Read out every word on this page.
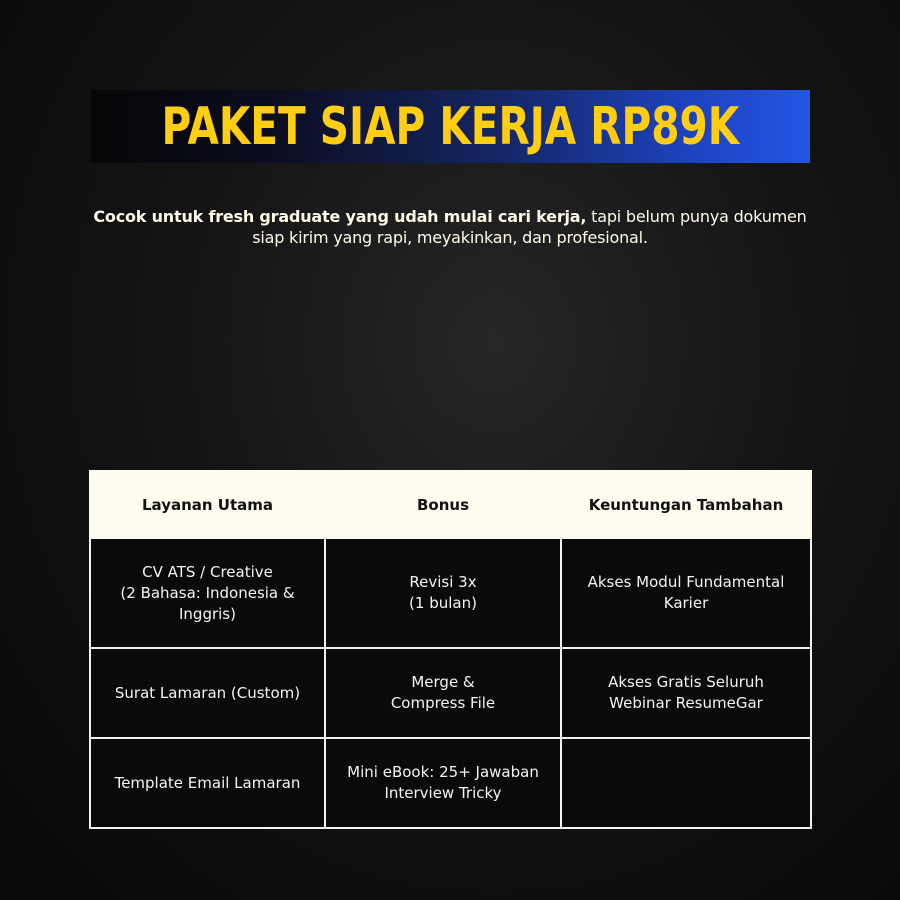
PAKET SIAP KERJA RP89K
Cocok untuk fresh graduate yang udah mulai cari kerja, tapi belum punya dokumen siap kirim yang rapi, meyakinkan, dan profesional.
Layanan Utama	Bonus	Keuntungan Tambahan

CV ATS / Creative
(2 Bahasa: Indonesia &
Inggris)	Revisi 3x
(1 bulan)	Akses Modul Fundamental
Karier

Surat Lamaran (Custom)	Merge &
Compress File	Akses Gratis Seluruh
Webinar ResumeGar

Template Email Lamaran	Mini eBook: 25+ Jawaban
Interview Tricky	
